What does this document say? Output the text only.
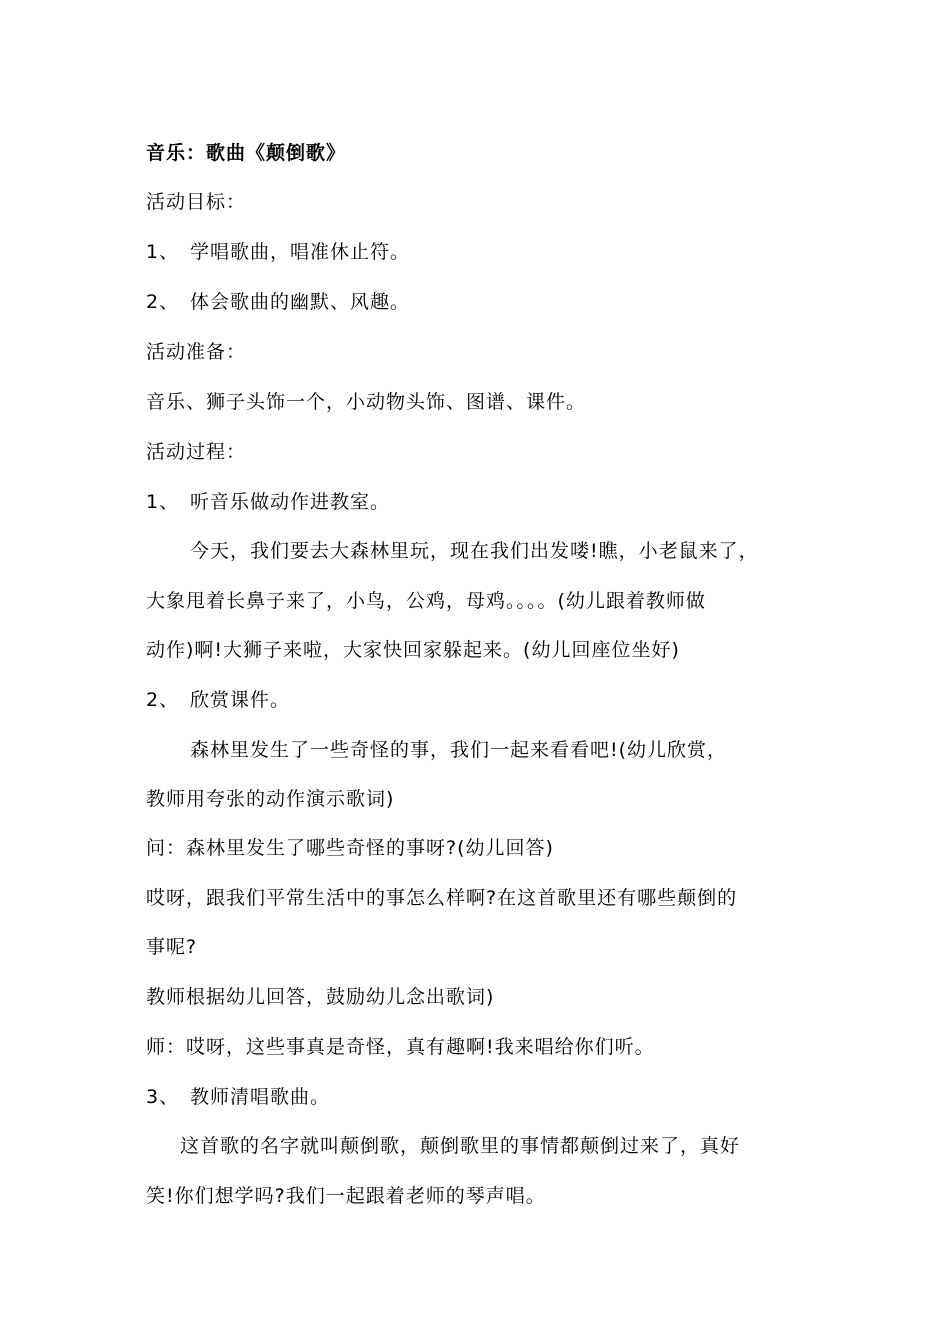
音乐：歌曲《颠倒歌》
活动目标：
1、 学唱歌曲，唱准休止符。
2、 体会歌曲的幽默、风趣。
活动准备：
音乐、狮子头饰一个，小动物头饰、图谱、课件。
活动过程：
1、 听音乐做动作进教室。
今天，我们要去大森林里玩，现在我们出发喽!瞧，小老鼠来了，
大象甩着长鼻子来了，小鸟，公鸡，母鸡。。。。(幼儿跟着教师做
动作)啊!大狮子来啦，大家快回家躲起来。(幼儿回座位坐好)
2、 欣赏课件。
森林里发生了一些奇怪的事，我们一起来看看吧!(幼儿欣赏，
教师用夸张的动作演示歌词)
问：森林里发生了哪些奇怪的事呀?(幼儿回答)
哎呀，跟我们平常生活中的事怎么样啊?在这首歌里还有哪些颠倒的
事呢?
教师根据幼儿回答，鼓励幼儿念出歌词)
师：哎呀，这些事真是奇怪，真有趣啊!我来唱给你们听。
3、 教师清唱歌曲。
这首歌的名字就叫颠倒歌，颠倒歌里的事情都颠倒过来了，真好
笑!你们想学吗?我们一起跟着老师的琴声唱。
